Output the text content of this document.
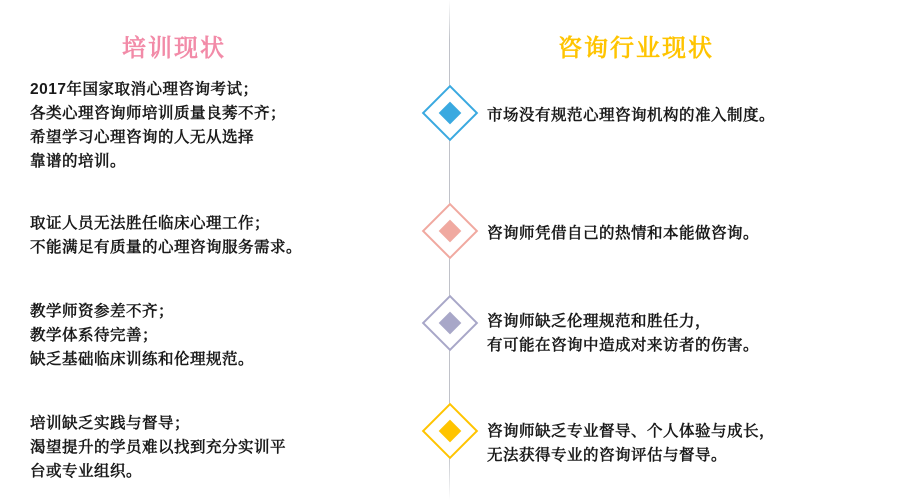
培训现状	咨询行业现状
2017年国家取消心理咨询考试；
各类心理咨询师培训质量良莠不齐；
希望学习心理咨询的人无从选择
靠谱的培训。
取证人员无法胜任临床心理工作；
不能满足有质量的心理咨询服务需求。
教学师资参差不齐；
教学体系待完善；
缺乏基础临床训练和伦理规范。
培训缺乏实践与督导；
渴望提升的学员难以找到充分实训平
台或专业组织。
市场没有规范心理咨询机构的准入制度。
咨询师凭借自己的热情和本能做咨询。
咨询师缺乏伦理规范和胜任力，
有可能在咨询中造成对来访者的伤害。
咨询师缺乏专业督导、个人体验与成长，
无法获得专业的咨询评估与督导。
